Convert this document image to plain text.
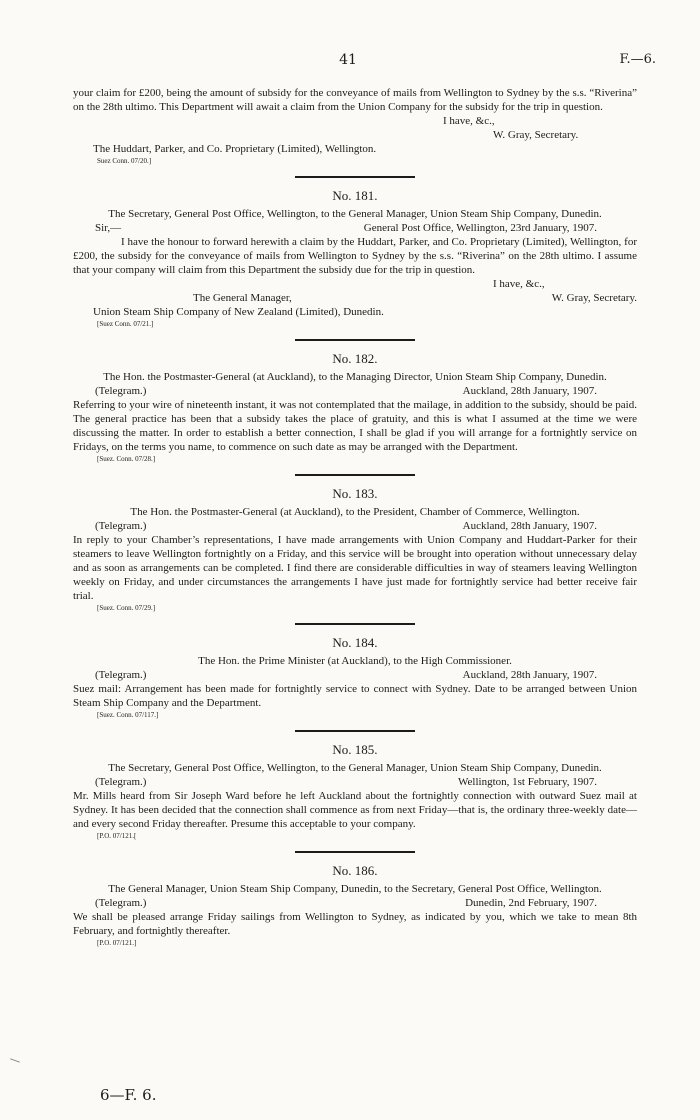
41	F.—6.

your claim for £200, being the amount of subsidy for the conveyance of mails from Wellington to Sydney by the s.s. “Riverina” on the 28th ultimo. This Department will await a claim from the Union Company for the subsidy for the trip in question.

I have, &c.,

W. Gray, Secretary.

The Huddart, Parker, and Co. Proprietary (Limited), Wellington.

Suez Conn. 07/20.]

No. 181.

The Secretary, General Post Office, Wellington, to the General Manager, Union Steam Ship Company, Dunedin.

Sir,—	General Post Office, Wellington, 23rd January, 1907.

I have the honour to forward herewith a claim by the Huddart, Parker, and Co. Proprietary (Limited), Wellington, for £200, the subsidy for the conveyance of mails from Wellington to Sydney by the s.s. “Riverina” on the 28th ultimo. I assume that your company will claim from this Department the subsidy due for the trip in question.

I have, &c.,

The General Manager,	W. Gray, Secretary.

Union Steam Ship Company of New Zealand (Limited), Dunedin.

[Suez Conn. 07/21.]

No. 182.

The Hon. the Postmaster-General (at Auckland), to the Managing Director, Union Steam Ship Company, Dunedin.

(Telegram.)	Auckland, 28th January, 1907.

Referring to your wire of nineteenth instant, it was not contemplated that the mailage, in addition to the subsidy, should be paid. The general practice has been that a subsidy takes the place of gratuity, and this is what I assumed at the time we were discussing the matter. In order to establish a better connection, I shall be glad if you will arrange for a fortnightly service on Fridays, on the terms you name, to commence on such date as may be arranged with the Department.

[Suez. Conn. 07/28.]

No. 183.

The Hon. the Postmaster-General (at Auckland), to the President, Chamber of Commerce, Wellington.

(Telegram.)	Auckland, 28th January, 1907.

In reply to your Chamber’s representations, I have made arrangements with Union Company and Huddart-Parker for their steamers to leave Wellington fortnightly on a Friday, and this service will be brought into operation without unnecessary delay and as soon as arrangements can be completed. I find there are considerable difficulties in way of steamers leaving Wellington weekly on Friday, and under circumstances the arrangements I have just made for fortnightly service had better receive fair trial.

[Suez. Conn. 07/29.]

No. 184.

The Hon. the Prime Minister (at Auckland), to the High Commissioner.

(Telegram.)	Auckland, 28th January, 1907.

Suez mail: Arrangement has been made for fortnightly service to connect with Sydney. Date to be arranged between Union Steam Ship Company and the Department.

[Suez. Conn. 07/117.]

No. 185.

The Secretary, General Post Office, Wellington, to the General Manager, Union Steam Ship Company, Dunedin.

(Telegram.)	Wellington, 1st February, 1907.

Mr. Mills heard from Sir Joseph Ward before he left Auckland about the fortnightly connection with outward Suez mail at Sydney. It has been decided that the connection shall commence as from next Friday—that is, the ordinary three-weekly date—and every second Friday thereafter. Presume this acceptable to your company.

[P.O. 07/121.[

No. 186.

The General Manager, Union Steam Ship Company, Dunedin, to the Secretary, General Post Office, Wellington.

(Telegram.)	Dunedin, 2nd February, 1907.

We shall be pleased arrange Friday sailings from Wellington to Sydney, as indicated by you, which we take to mean 8th February, and fortnightly thereafter.

[P.O. 07/121.]

6—F. 6.
